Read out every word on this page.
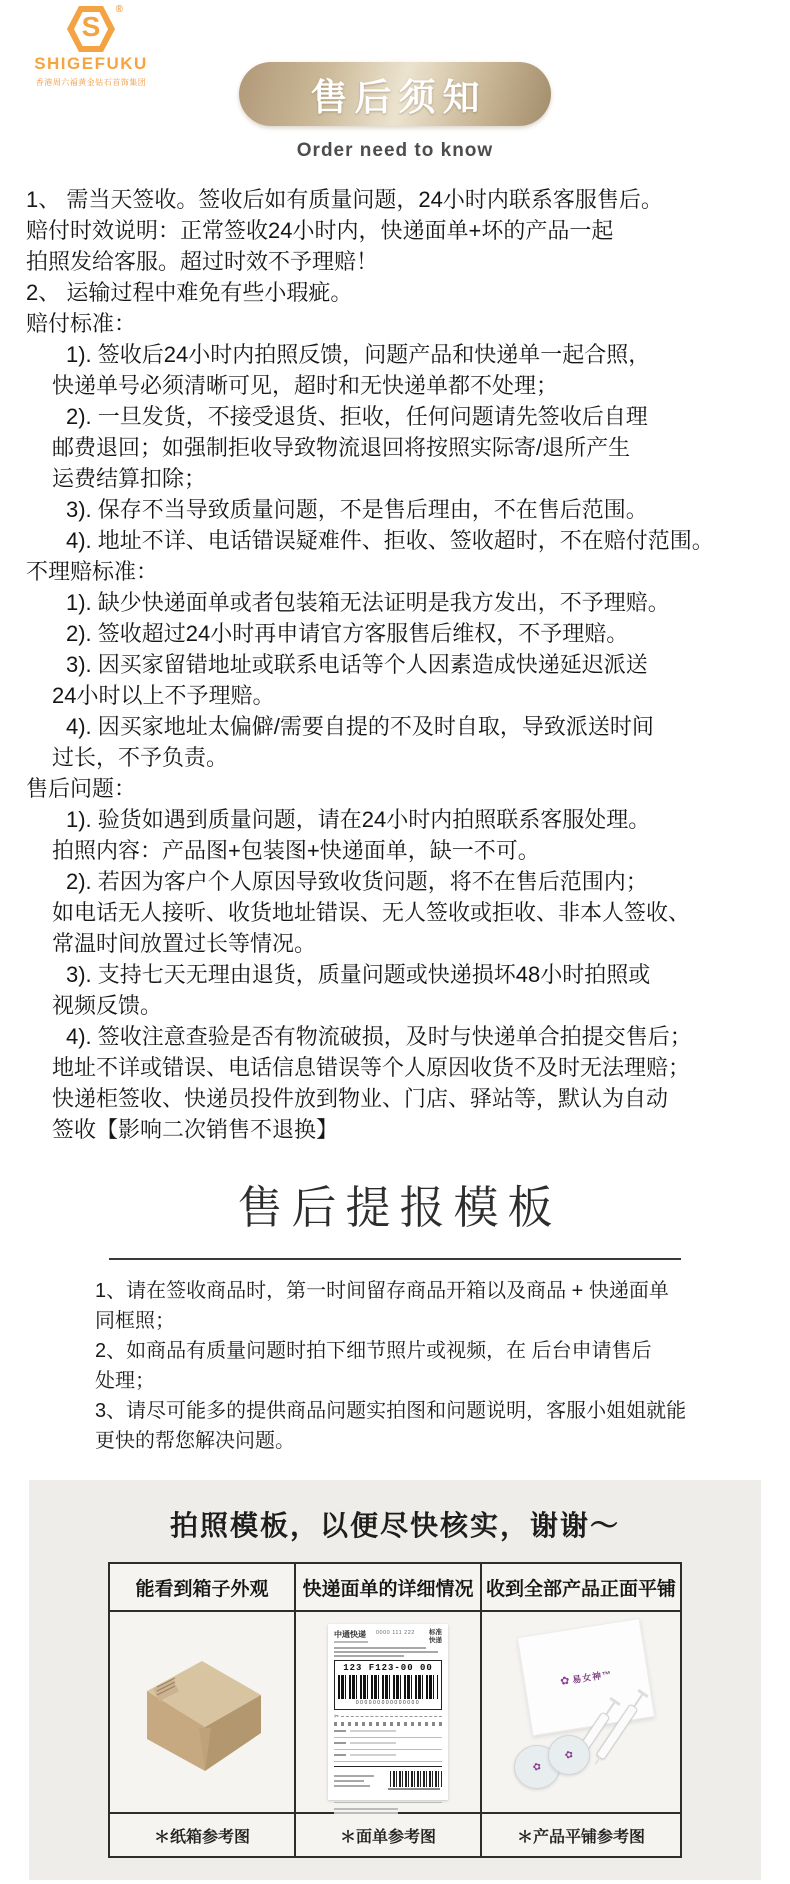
S
®
SHIGEFUKU
香港周六福黄金钻石首饰集团	售后须知
Order need to know
1、 需当天签收。签收后如有质量问题，24小时内联系客服售后。
赔付时效说明：正常签收24小时内，快递面单+坏的产品一起
拍照发给客服。超过时效不予理赔！
2、 运输过程中难免有些小瑕疵。
赔付标准：
1). 签收后24小时内拍照反馈，问题产品和快递单一起合照，
快递单号必须清晰可见，超时和无快递单都不处理；
2). 一旦发货，不接受退货、拒收，任何问题请先签收后自理
邮费退回；如强制拒收导致物流退回将按照实际寄/退所产生
运费结算扣除；
3). 保存不当导致质量问题，不是售后理由，不在售后范围。
4). 地址不详、电话错误疑难件、拒收、签收超时，不在赔付范围。
不理赔标准：
1). 缺少快递面单或者包装箱无法证明是我方发出，不予理赔。
2). 签收超过24小时再申请官方客服售后维权，不予理赔。
3). 因买家留错地址或联系电话等个人因素造成快递延迟派送
24小时以上不予理赔。
4). 因买家地址太偏僻/需要自提的不及时自取，导致派送时间
过长，不予负责。
售后问题：
1). 验货如遇到质量问题，请在24小时内拍照联系客服处理。
拍照内容：产品图+包装图+快递面单，缺一不可。
2). 若因为客户个人原因导致收货问题，将不在售后范围内；
如电话无人接听、收货地址错误、无人签收或拒收、非本人签收、
常温时间放置过长等情况。
3). 支持七天无理由退货，质量问题或快递损坏48小时拍照或
视频反馈。
4). 签收注意查验是否有物流破损，及时与快递单合拍提交售后；
地址不详或错误、电话信息错误等个人原因收货不及时无法理赔；
快递柜签收、快递员投件放到物业、门店、驿站等，默认为自动
签收【影响二次销售不退换】
售后提报模板
1、请在签收商品时，第一时间留存商品开箱以及商品 + 快递面单
同框照；
2、如商品有质量问题时拍下细节照片或视频，在 后台申请售后
处理；
3、请尽可能多的提供商品问题实拍图和问题说明，客服小姐姐就能
更快的帮您解决问题。
拍照模板，以便尽快核实，谢谢～
能看到箱子外观	快递面单的详细情况	收到全部产品正面平铺

中通快递	0000 111 222	标准快递
123 F123-00 00
000000000000000
✂

✿易女神™
✿
✿

＊纸箱参考图	＊面单参考图	＊产品平铺参考图
